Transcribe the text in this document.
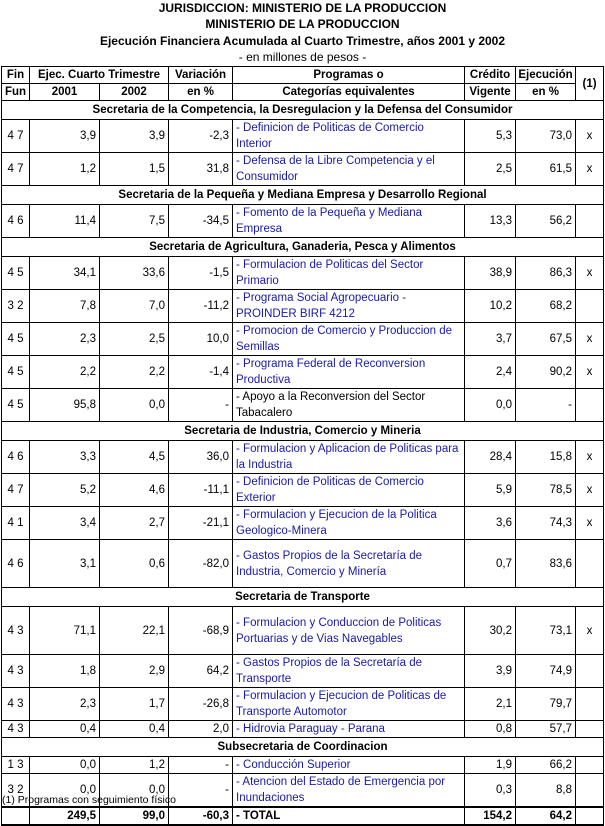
JURISDICCION: MINISTERIO DE LA PRODUCCION
MINISTERIO DE LA PRODUCCION
Ejecución Financiera Acumulada al Cuarto Trimestre, años 2001 y 2002
- en millones de pesos -
Fin	Ejec. Cuarto Trimestre		Variación	Programas o	Crédito	Ejecución	(1)
Fun	2001	2002	en %	Categorías equivalentes	Vigente	en %	
Secretaria de la Competencia, la Desregulacion y la Defensa del Consumidor							
4 7	3,9	3,9	-2,3	- Definicion de Politicas de Comercio Interior	5,3	73,0	x
4 7	1,2	1,5	31,8	- Defensa de la Libre Competencia y el Consumidor	2,5	61,5	x
Secretaria de la Pequeña y Mediana Empresa y Desarrollo Regional							
4 6	11,4	7,5	-34,5	- Fomento de la Pequeña y Mediana Empresa	13,3	56,2	
Secretaria de Agricultura, Ganaderia, Pesca y Alimentos							
4 5	34,1	33,6	-1,5	- Formulacion de Politicas del Sector Primario	38,9	86,3	x
3 2	7,8	7,0	-11,2	- Programa Social Agropecuario - PROINDER BIRF 4212	10,2	68,2	
4 5	2,3	2,5	10,0	- Promocion de Comercio y Produccion de Semillas	3,7	67,5	x
4 5	2,2	2,2	-1,4	- Programa Federal de Reconversion Productiva	2,4	90,2	x
4 5	95,8	0,0	-	- Apoyo a la Reconversion del Sector Tabacalero	0,0	-	
Secretaria de Industria, Comercio y Mineria							
4 6	3,3	4,5	36,0	- Formulacion y Aplicacion de Politicas para la Industria	28,4	15,8	x
4 7	5,2	4,6	-11,1	- Definicion de Politicas de Comercio Exterior	5,9	78,5	x
4 1	3,4	2,7	-21,1	- Formulacion y Ejecucion de la Politica Geologico-Minera	3,6	74,3	x
4 6	3,1	0,6	-82,0	- Gastos Propios de la Secretaría de Industria, Comercio y Minería	0,7	83,6	
Secretaria de Transporte							
4 3	71,1	22,1	-68,9	- Formulacion y Conduccion de Politicas Portuarias y de Vias Navegables	30,2	73,1	x
4 3	1,8	2,9	64,2	- Gastos Propios de la Secretaría de Transporte	3,9	74,9	
4 3	2,3	1,7	-26,8	- Formulacion y Ejecucion de Politicas de Transporte Automotor	2,1	79,7	
4 3	0,4	0,4	2,0	- Hidrovia Paraguay - Parana	0,8	57,7	
Subsecretaria de Coordinacion							
1 3	0,0	1,2	-	- Conducción Superior	1,9	66,2	
3 2	0,0	0,0	-	- Atencion del Estado de Emergencia por Inundaciones	0,3	8,8	
	249,5	99,0	-60,3	- TOTAL	154,2	64,2	
(1) Programas con seguimiento físico
